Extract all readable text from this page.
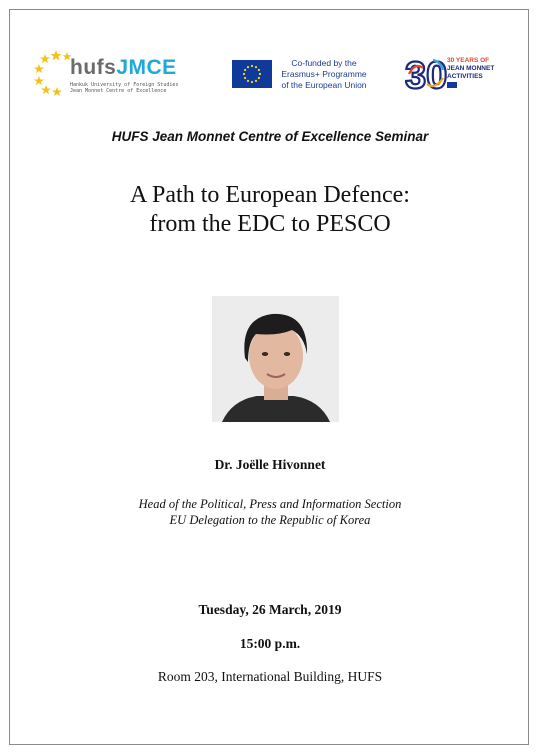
hufsJMCE
Hankuk University of Foreign Studies
Jean Monnet Centre of Excellence
Co-funded by the
Erasmus+ Programme
of the European Union 30 30 YEARS OF
JEAN MONNET
ACTIVITIES
HUFS Jean Monnet Centre of Excellence Seminar
A Path to European Defence:
from the EDC to PESCO
Dr. Joëlle Hivonnet
Head of the Political, Press and Information Section
EU Delegation to the Republic of Korea
Tuesday, 26 March, 2019
15:00 p.m.
Room 203, International Building, HUFS
